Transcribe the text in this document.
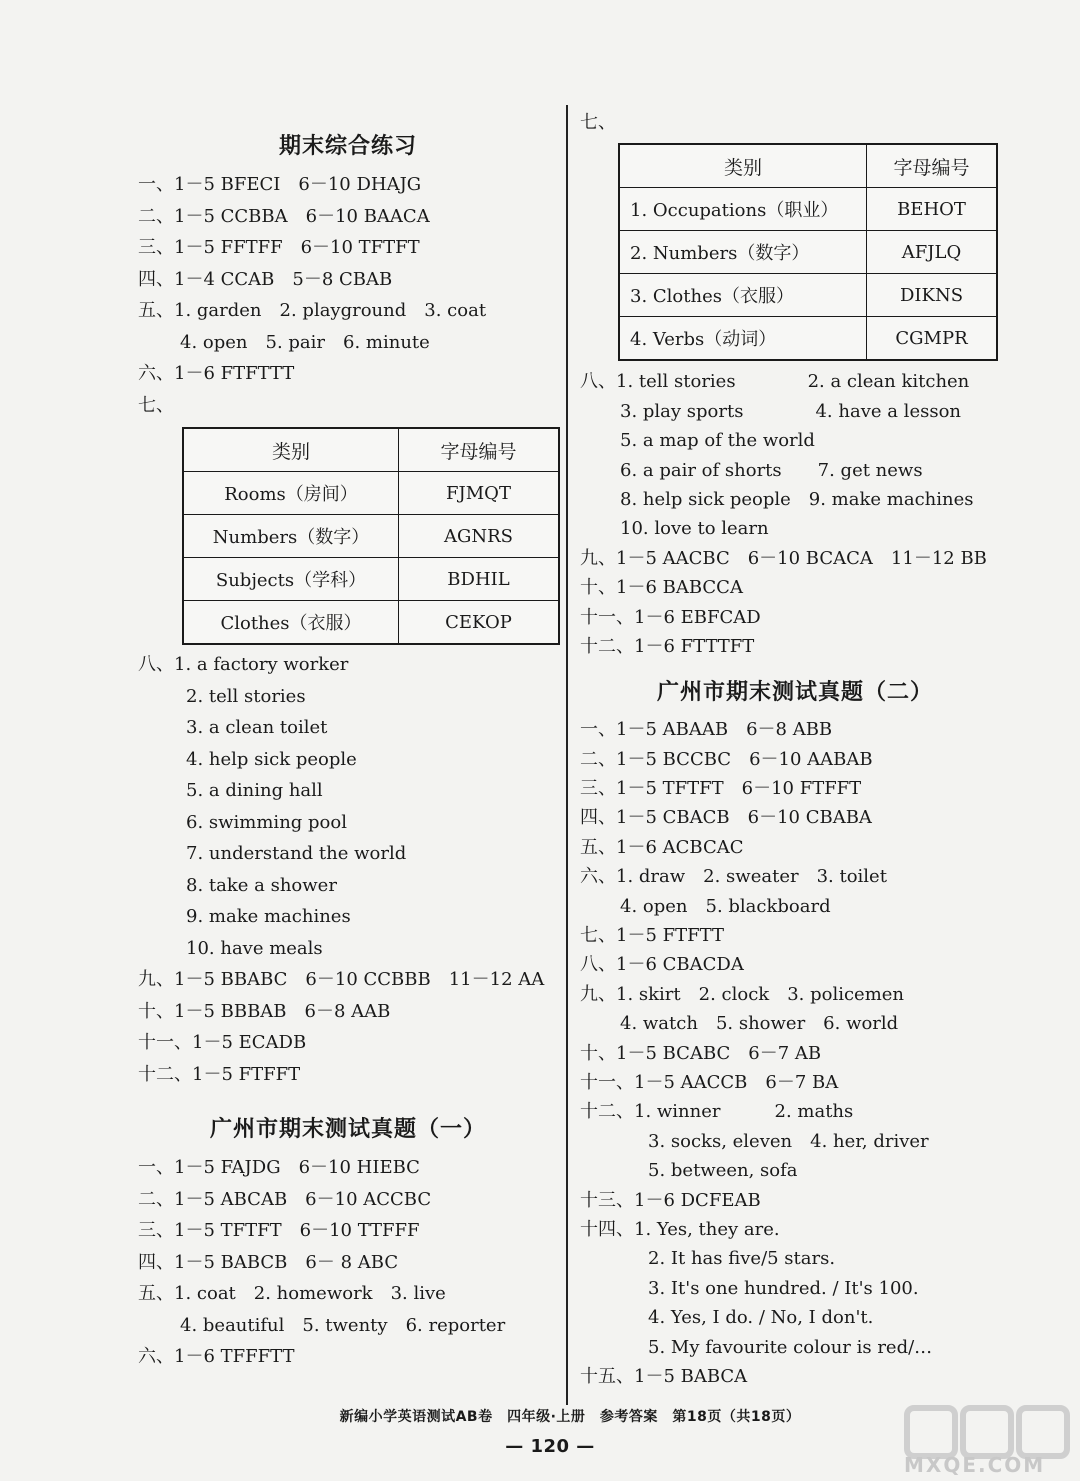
期末综合练习
一、1－5 BFECI　6－10 DHAJG
二、1－5 CCBBA　6－10 BAACA
三、1－5 FFTFF　6－10 TFTFT
四、1－4 CCAB　5－8 CBAB
五、1. garden　2. playground　3. coat
4. open　5. pair　6. minute
六、1－6 FTFTTT
七、
类别	字母编号
Rooms（房间）	FJMQT
Numbers（数字）	AGNRS
Subjects（学科）	BDHIL
Clothes（衣服）	CEKOP
八、1. a factory worker
2. tell stories
3. a clean toilet
4. help sick people
5. a dining hall
6. swimming pool
7. understand the world
8. take a shower
9. make machines
10. have meals
九、1－5 BBABC　6－10 CCBBB　11－12 AA
十、1－5 BBBAB　6－8 AAB
十一、1－5 ECADB
十二、1－5 FTFFT
广州市期末测试真题（一）
一、1－5 FAJDG　6－10 HIEBC
二、1－5 ABCAB　6－10 ACCBC
三、1－5 TFTFT　6－10 TTFFF
四、1－5 BABCB　6－ 8 ABC
五、1. coat　2. homework　3. live
4. beautiful　5. twenty　6. reporter
六、1－6 TFFFTT
七、
类别	字母编号
1. Occupations（职业）	BEHOT
2. Numbers（数字）	AFJLQ
3. Clothes（衣服）	DIKNS
4. Verbs（动词）	CGMPR
八、1. tell stories　　　　2. a clean kitchen
3. play sports　　　　4. have a lesson
5. a map of the world
6. a pair of shorts　　7. get news
8. help sick people　9. make machines
10. love to learn
九、1－5 AACBC　6－10 BCACA　11－12 BB
十、1－6 BABCCA
十一、1－6 EBFCAD
十二、1－6 FTTTFT
广州市期末测试真题（二）
一、1－5 ABAAB　6－8 ABB
二、1－5 BCCBC　6－10 AABAB
三、1－5 TFTFT　6－10 FTFFT
四、1－5 CBACB　6－10 CBABA
五、1－6 ACBCAC
六、1. draw　2. sweater　3. toilet
4. open　5. blackboard
七、1－5 FTFTT
八、1－6 CBACDA
九、1. skirt　2. clock　3. policemen
4. watch　5. shower　6. world
十、1－5 BCABC　6－7 AB
十一、1－5 AACCB　6－7 BA
十二、1. winner　　　2. maths
3. socks, eleven　4. her, driver
5. between, sofa
十三、1－6 DCFEAB
十四、1. Yes, they are.
2. It has five/5 stars.
3. It's one hundred. / It's 100.
4. Yes, I do. / No, I don't.
5. My favourite colour is red/…
十五、1－5 BABCA
新编小学英语测试AB卷　四年级·上册　参考答案　第18页（共18页）
— 120 —
MXQE.COM
